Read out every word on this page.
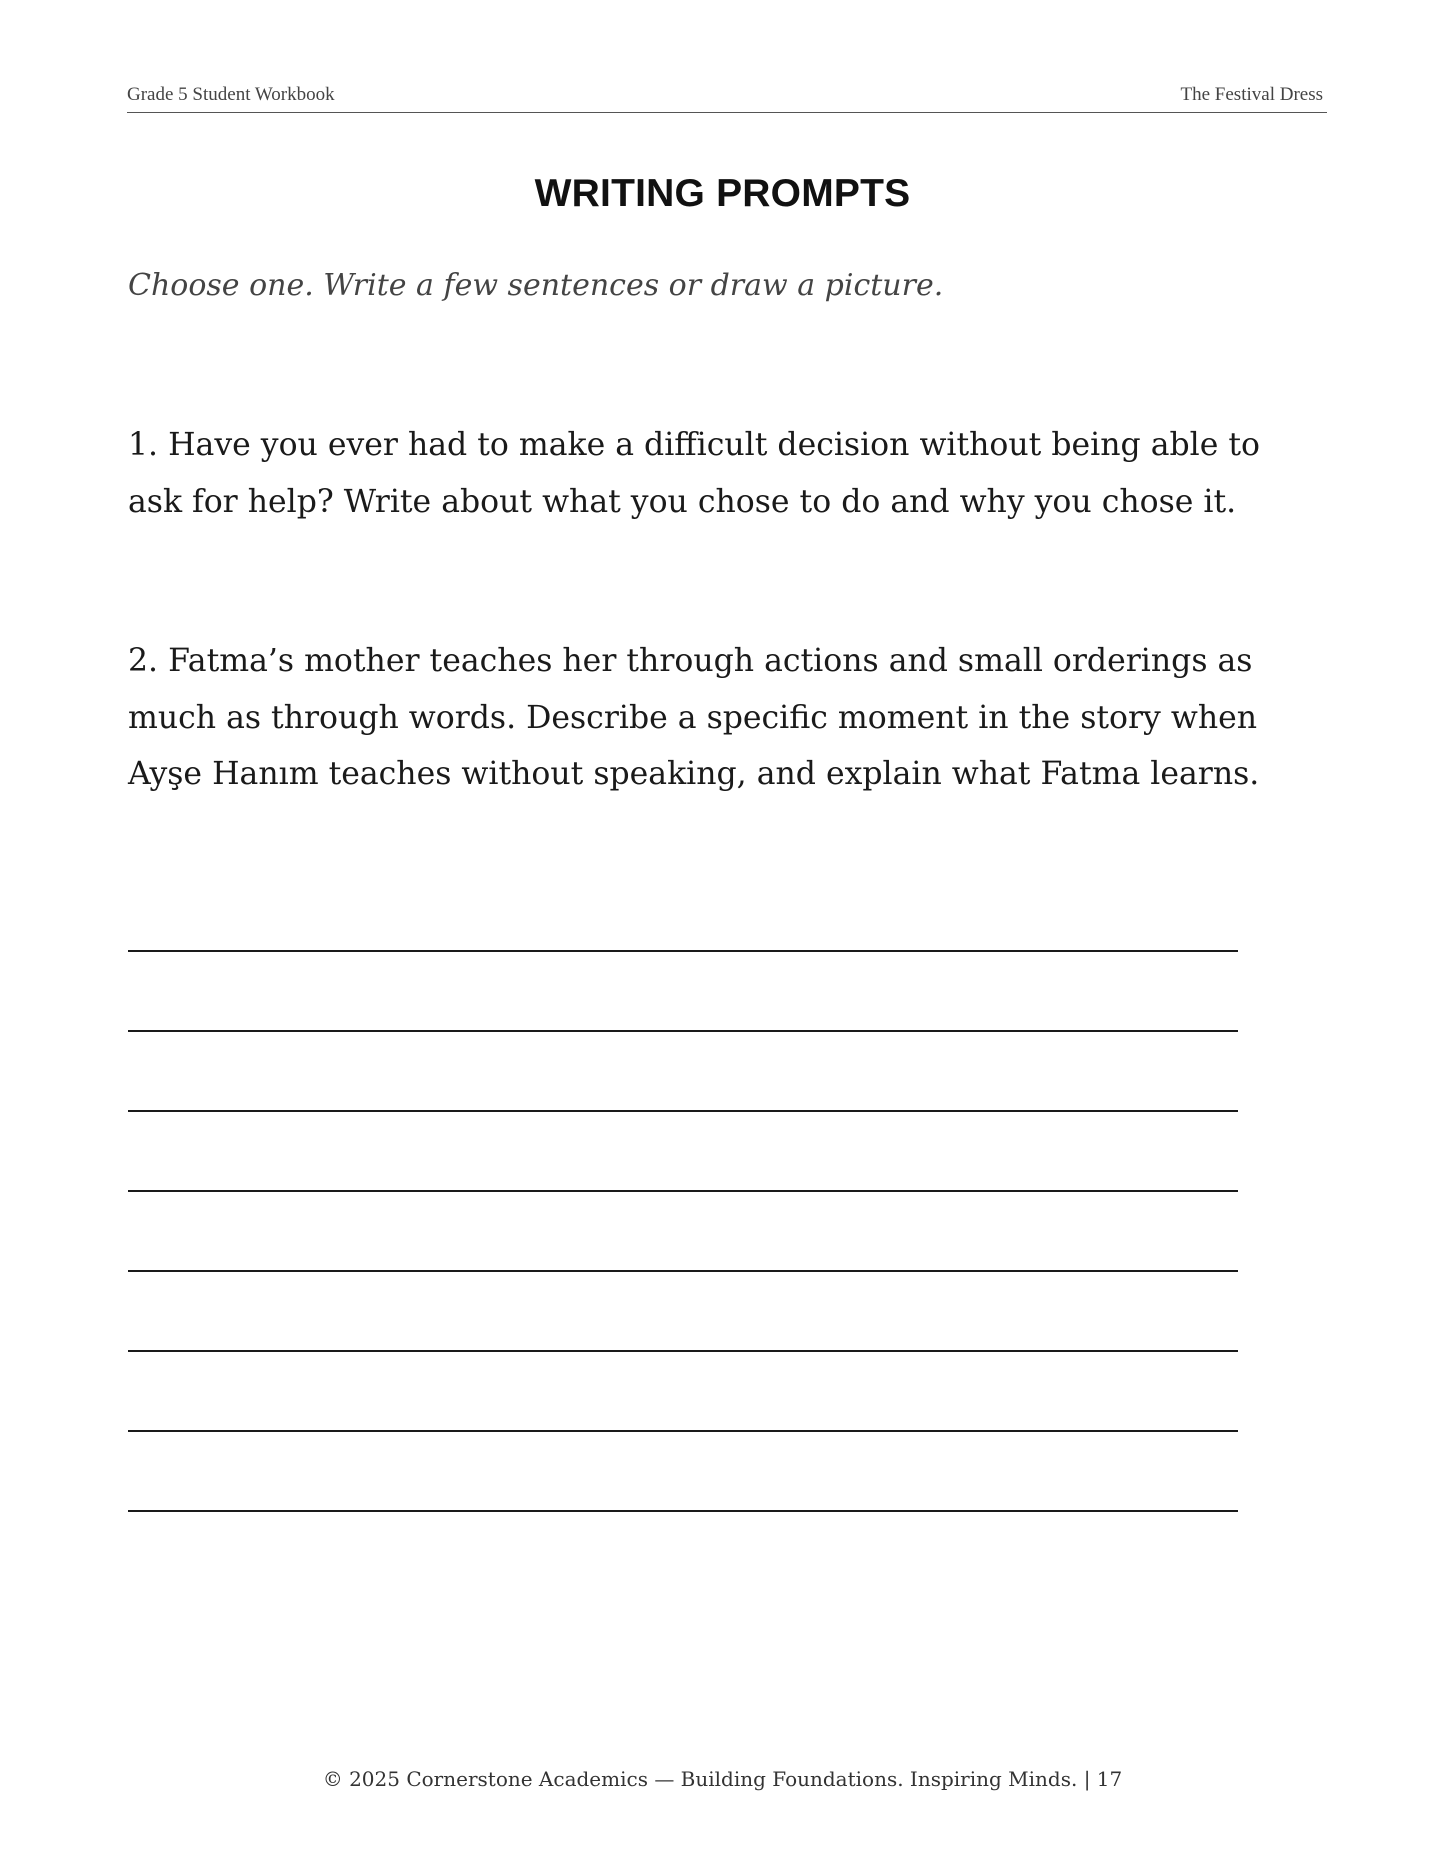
Grade 5 Student Workbook	The Festival Dress
WRITING PROMPTS
Choose one. Write a few sentences or draw a picture.

1. Have you ever had to make a difficult decision without being able to ask for help? Write about what you chose to do and why you chose it.

2. Fatma’s mother teaches her through actions and small orderings as much as through words. Describe a specific moment in the story when Ayşe Hanım teaches without speaking, and explain what Fatma learns.

© 2025 Cornerstone Academics — Building Foundations. Inspiring Minds. | 17
